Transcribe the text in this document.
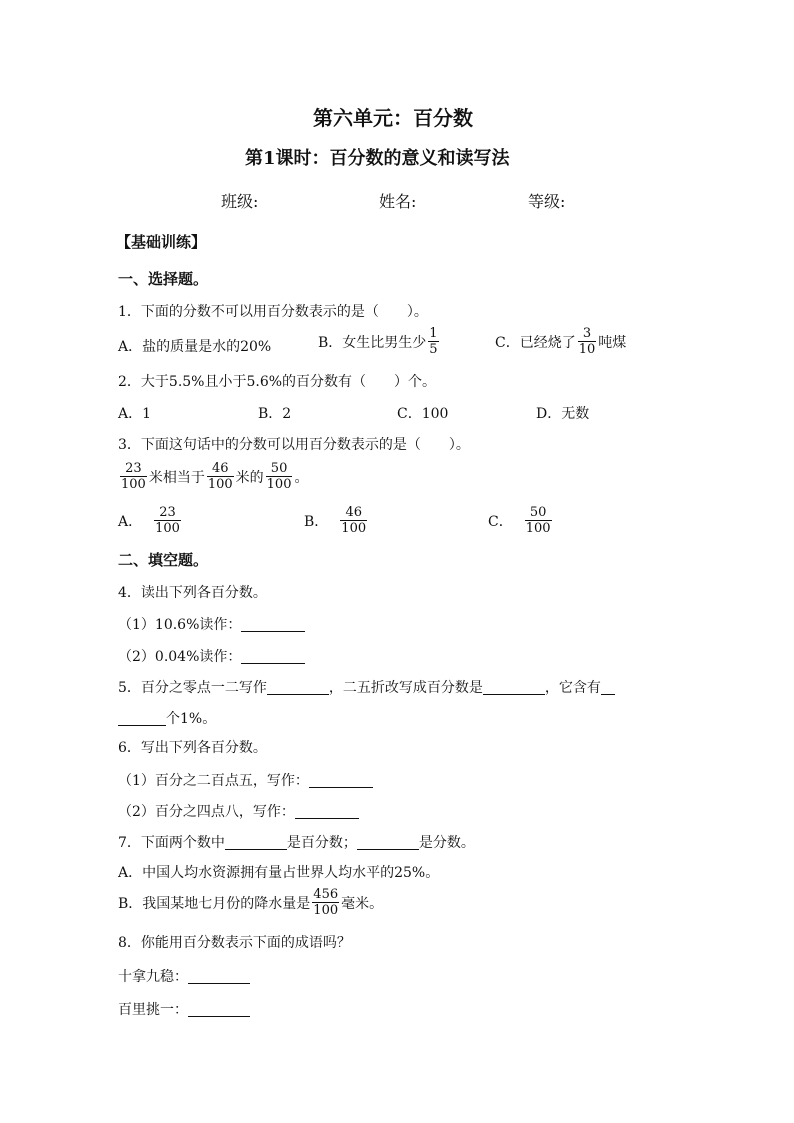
第六单元：百分数
第1课时：百分数的意义和读写法
班级:	姓名:	等级:
【基础训练】
一、选择题。
1．下面的分数不可以用百分数表示的是（　　）。
A．盐的质量是水的20%	B．女生比男生少 $\frac{1}{5}$	C．已经烧了 $\frac{3}{10}$ 吨煤
2．大于5.5%且小于5.6%的百分数有（　　）个。
A．1	B．2	C．100	D．无数
3．下面这句话中的分数可以用百分数表示的是（　　）。
$\frac{23}{100}$ 米相当于 $\frac{46}{100}$ 米的 $\frac{50}{100}$ 。
A． $\frac{23}{100}$	B． $\frac{46}{100}$	C． $\frac{50}{100}$
二、填空题。
4．读出下列各百分数。
（1）10.6%读作：
（2）0.04%读作：
5．百分之零点一二写作	，二五折改写成百分数是	，它含有
个1%。
6．写出下列各百分数。
（1）百分之二百点五，写作：
（2）百分之四点八，写作：
7．下面两个数中	是百分数；	是分数。
A．中国人均水资源拥有量占世界人均水平的25%。
B．我国某地七月份的降水量是 $\frac{456}{100}$ 毫米。
8．你能用百分数表示下面的成语吗？
十拿九稳：
百里挑一：
